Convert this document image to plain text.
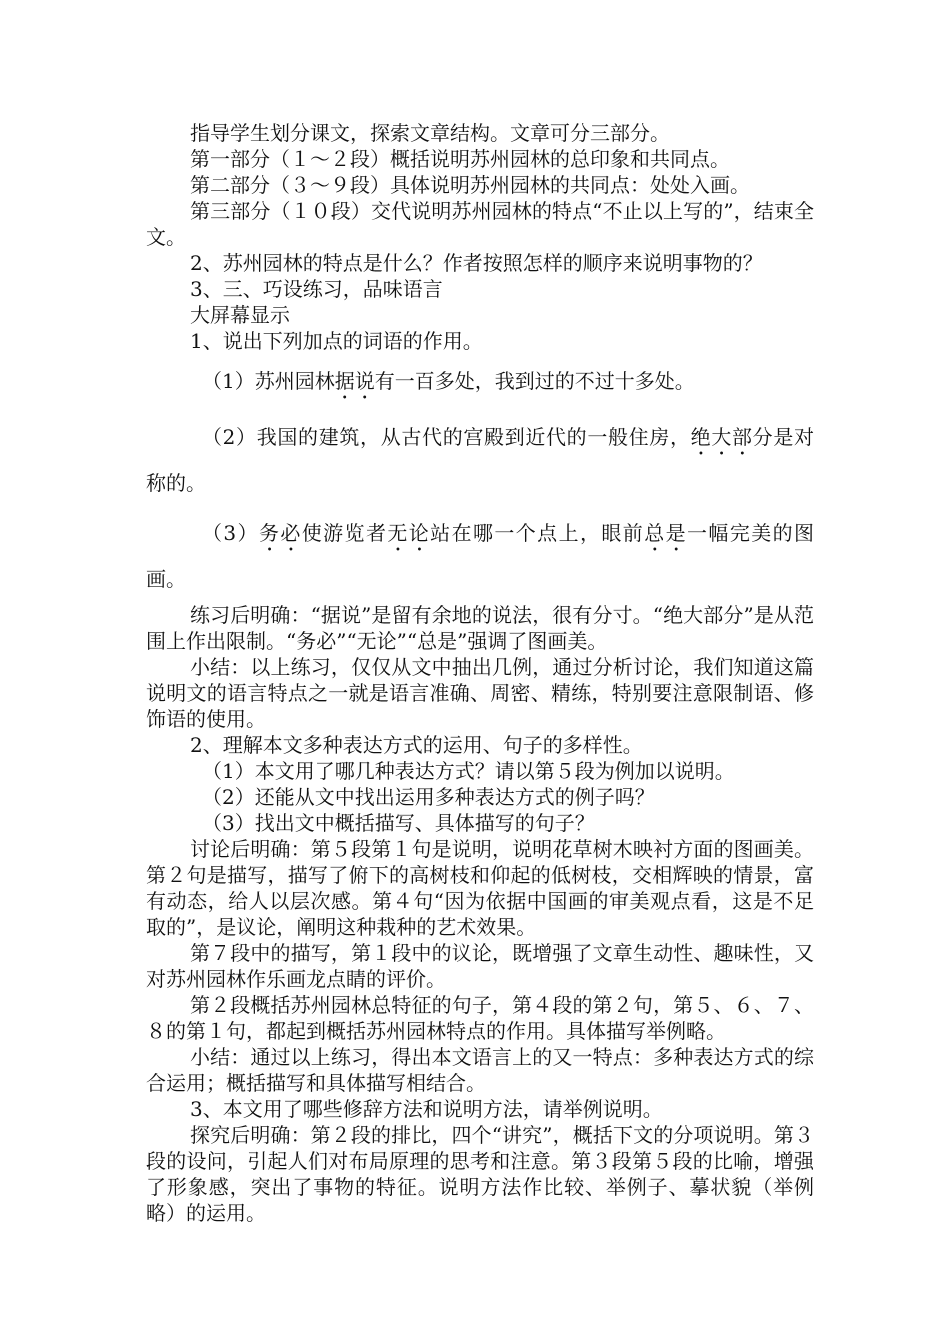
指导学生划分课文，探索文章结构。文章可分三部分。

第一部分（１～２段）概括说明苏州园林的总印象和共同点。

第二部分（３～９段）具体说明苏州园林的共同点：处处入画。

第三部分（１０段）交代说明苏州园林的特点“不止以上写的”，结束全文。

2、苏州园林的特点是什么？作者按照怎样的顺序来说明事物的？

3、三、巧设练习，品味语言

大屏幕显示

1、说出下列加点的词语的作用。

（1）苏州园林据说有一百多处，我到过的不过十多处。

（2）我国的建筑，从古代的宫殿到近代的一般住房，绝大部分是对称的。

（3）务必使游览者无论站在哪一个点上，眼前总是一幅完美的图画。

练习后明确：“据说”是留有余地的说法，很有分寸。“绝大部分”是从范围上作出限制。“务必”“无论”“总是”强调了图画美。

小结：以上练习，仅仅从文中抽出几例，通过分析讨论，我们知道这篇说明文的语言特点之一就是语言准确、周密、精练，特别要注意限制语、修饰语的使用。

2、理解本文多种表达方式的运用、句子的多样性。

（1）本文用了哪几种表达方式？请以第５段为例加以说明。

（2）还能从文中找出运用多种表达方式的例子吗？

（3）找出文中概括描写、具体描写的句子？

讨论后明确：第５段第１句是说明，说明花草树木映衬方面的图画美。第２句是描写，描写了俯下的高树枝和仰起的低树枝，交相辉映的情景，富有动态，给人以层次感。第４句“因为依据中国画的审美观点看，这是不足取的”，是议论，阐明这种栽种的艺术效果。

第７段中的描写，第１段中的议论，既增强了文章生动性、趣味性，又对苏州园林作乐画龙点睛的评价。

第２段概括苏州园林总特征的句子，第４段的第２句，第５、６、７、８的第１句，都起到概括苏州园林特点的作用。具体描写举例略。

小结：通过以上练习，得出本文语言上的又一特点：多种表达方式的综合运用；概括描写和具体描写相结合。

3、本文用了哪些修辞方法和说明方法，请举例说明。

探究后明确：第２段的排比，四个“讲究”，概括下文的分项说明。第３段的设问，引起人们对布局原理的思考和注意。第３段第５段的比喻，增强了形象感，突出了事物的特征。说明方法作比较、举例子、摹状貌（举例略）的运用。
